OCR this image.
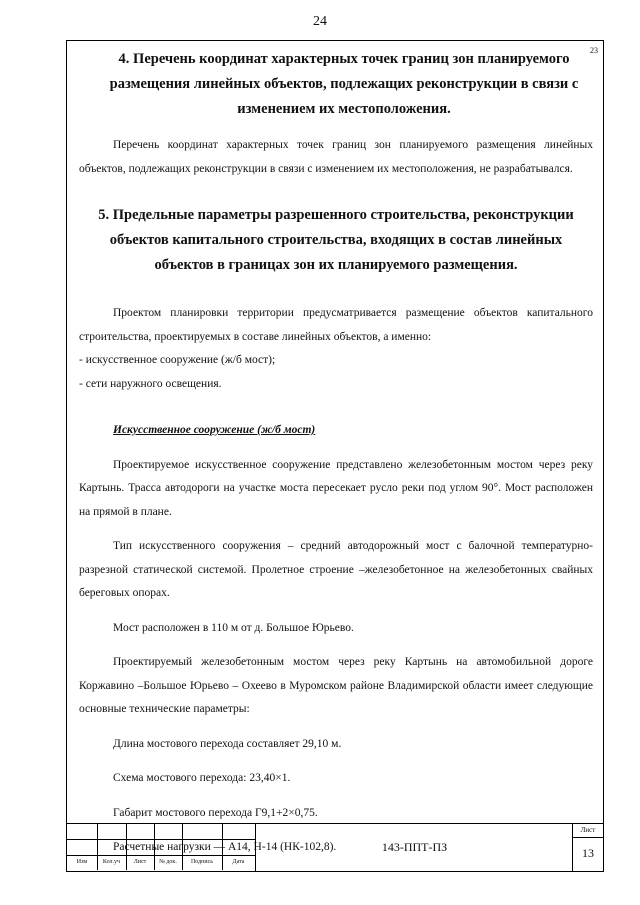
24
23
4. Перечень координат характерных точек границ зон планируемого размещения линейных объектов, подлежащих реконструкции в связи с изменением их местоположения.

Перечень координат характерных точек границ зон планируемого размещения линейных объектов, подлежащих реконструкции в связи с изменением их местоположения, не разрабатывался.

5. Предельные параметры разрешенного строительства, реконструкции объектов капитального строительства, входящих в состав линейных объектов в границах зон их планируемого размещения.

Проектом планировки территории предусматривается размещение объектов капитального строительства, проектируемых в составе линейных объектов, а именно:

- искусственное сооружение (ж/б мост);

- сети наружного освещения.

Искусственное сооружение (ж/б мост)

Проектируемое искусственное сооружение представлено железобетонным мостом через реку Картынь. Трасса автодороги на участке моста пересекает русло реки под углом 90°. Мост расположен на прямой в плане.

Тип искусственного сооружения – средний автодорожный мост с балочной температурно-разрезной статической системой. Пролетное строение –железобетонное на железобетонных свайных береговых опорах.

Мост расположен в 110 м от д. Большое Юрьево.

Проектируемый железобетонным мостом через реку Картынь на автомобильной дороге Коржавино –Большое Юрьево – Охеево в Муромском районе Владимирской области имеет следующие основные технические параметры:

Длина мостового перехода составляет 29,10 м.

Схема мостового перехода: 23,40×1.

Габарит мостового перехода Г9,1+2×0,75.

Расчетные нагрузки — А14, Н-14 (НК-102,8).

Изм	Кол.уч	Лист	№ док.	Подпись	Дата
143-ППТ-ПЗ
Лист
13
